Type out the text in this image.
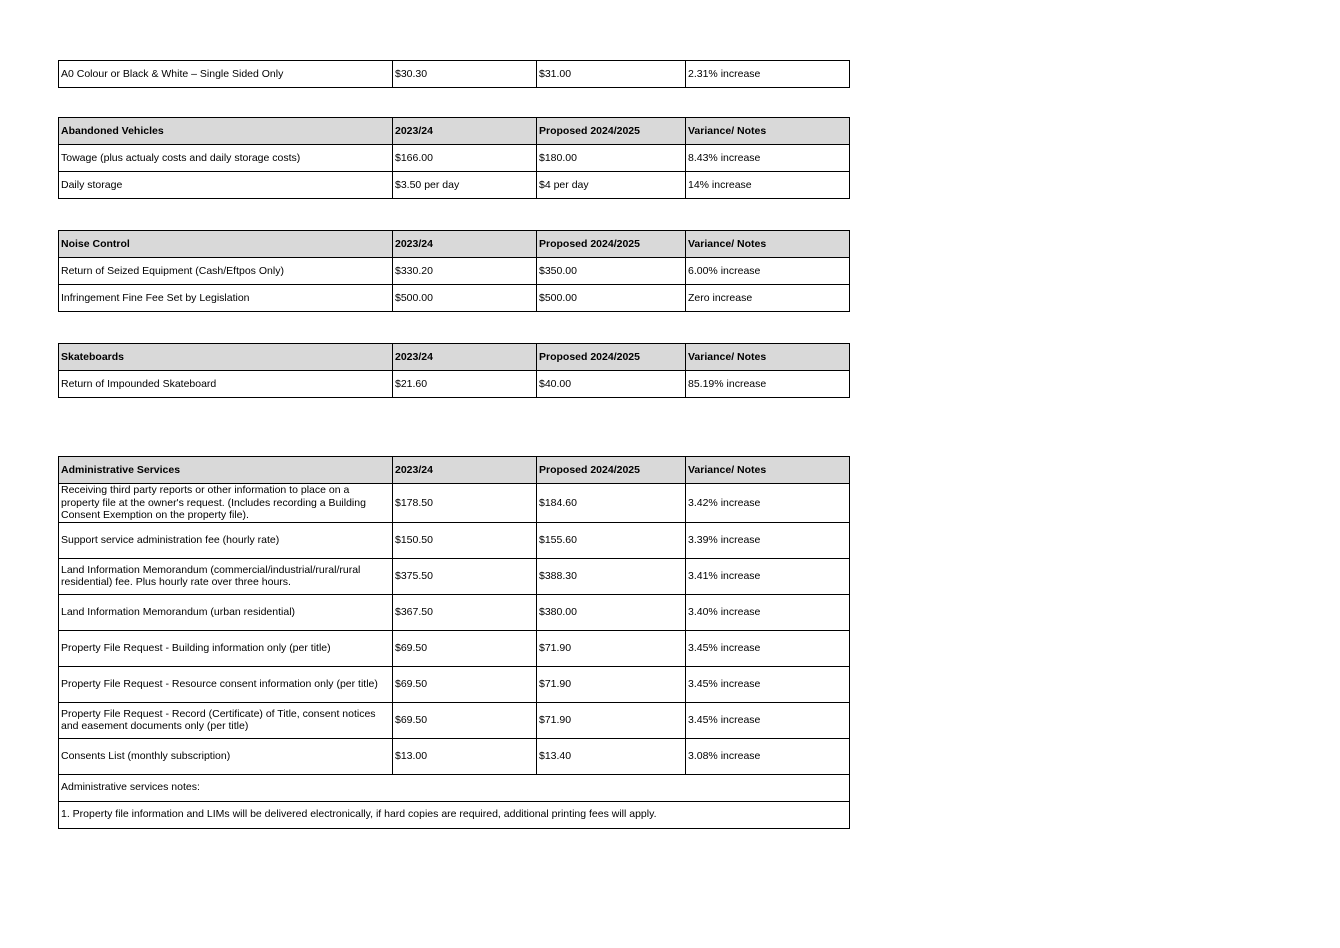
A0 Colour or Black & White – Single Sided Only	$30.30	$31.00	2.31% increase
Abandoned Vehicles	2023/24	Proposed 2024/2025	Variance/ Notes
Towage (plus actualy costs and daily storage costs)	$166.00	$180.00	8.43% increase
Daily storage	$3.50 per day	$4 per day	14% increase
Noise Control	2023/24	Proposed 2024/2025	Variance/ Notes
Return of Seized Equipment (Cash/Eftpos Only)	$330.20	$350.00	6.00% increase
Infringement Fine Fee Set by Legislation	$500.00	$500.00	Zero increase
Skateboards	2023/24	Proposed 2024/2025	Variance/ Notes
Return of Impounded Skateboard	$21.60	$40.00	85.19% increase
Administrative Services	2023/24	Proposed 2024/2025	Variance/ Notes
Receiving third party reports or other information to place on a property file at the owner's request. (Includes recording a Building Consent Exemption on the property file).	$178.50	$184.60	3.42% increase
Support service administration fee (hourly rate)	$150.50	$155.60	3.39% increase
Land Information Memorandum (commercial/industrial/rural/rural residential) fee. Plus hourly rate over three hours.	$375.50	$388.30	3.41% increase
Land Information Memorandum (urban residential)	$367.50	$380.00	3.40% increase
Property File Request - Building information only (per title)	$69.50	$71.90	3.45% increase
Property File Request - Resource consent information only (per title)	$69.50	$71.90	3.45% increase
Property File Request - Record (Certificate) of Title, consent notices and easement documents only (per title)	$69.50	$71.90	3.45% increase
Consents List (monthly subscription)	$13.00	$13.40	3.08% increase
Administrative services notes:			
1. Property file information and LIMs will be delivered electronically, if hard copies are required, additional printing fees will apply.			
